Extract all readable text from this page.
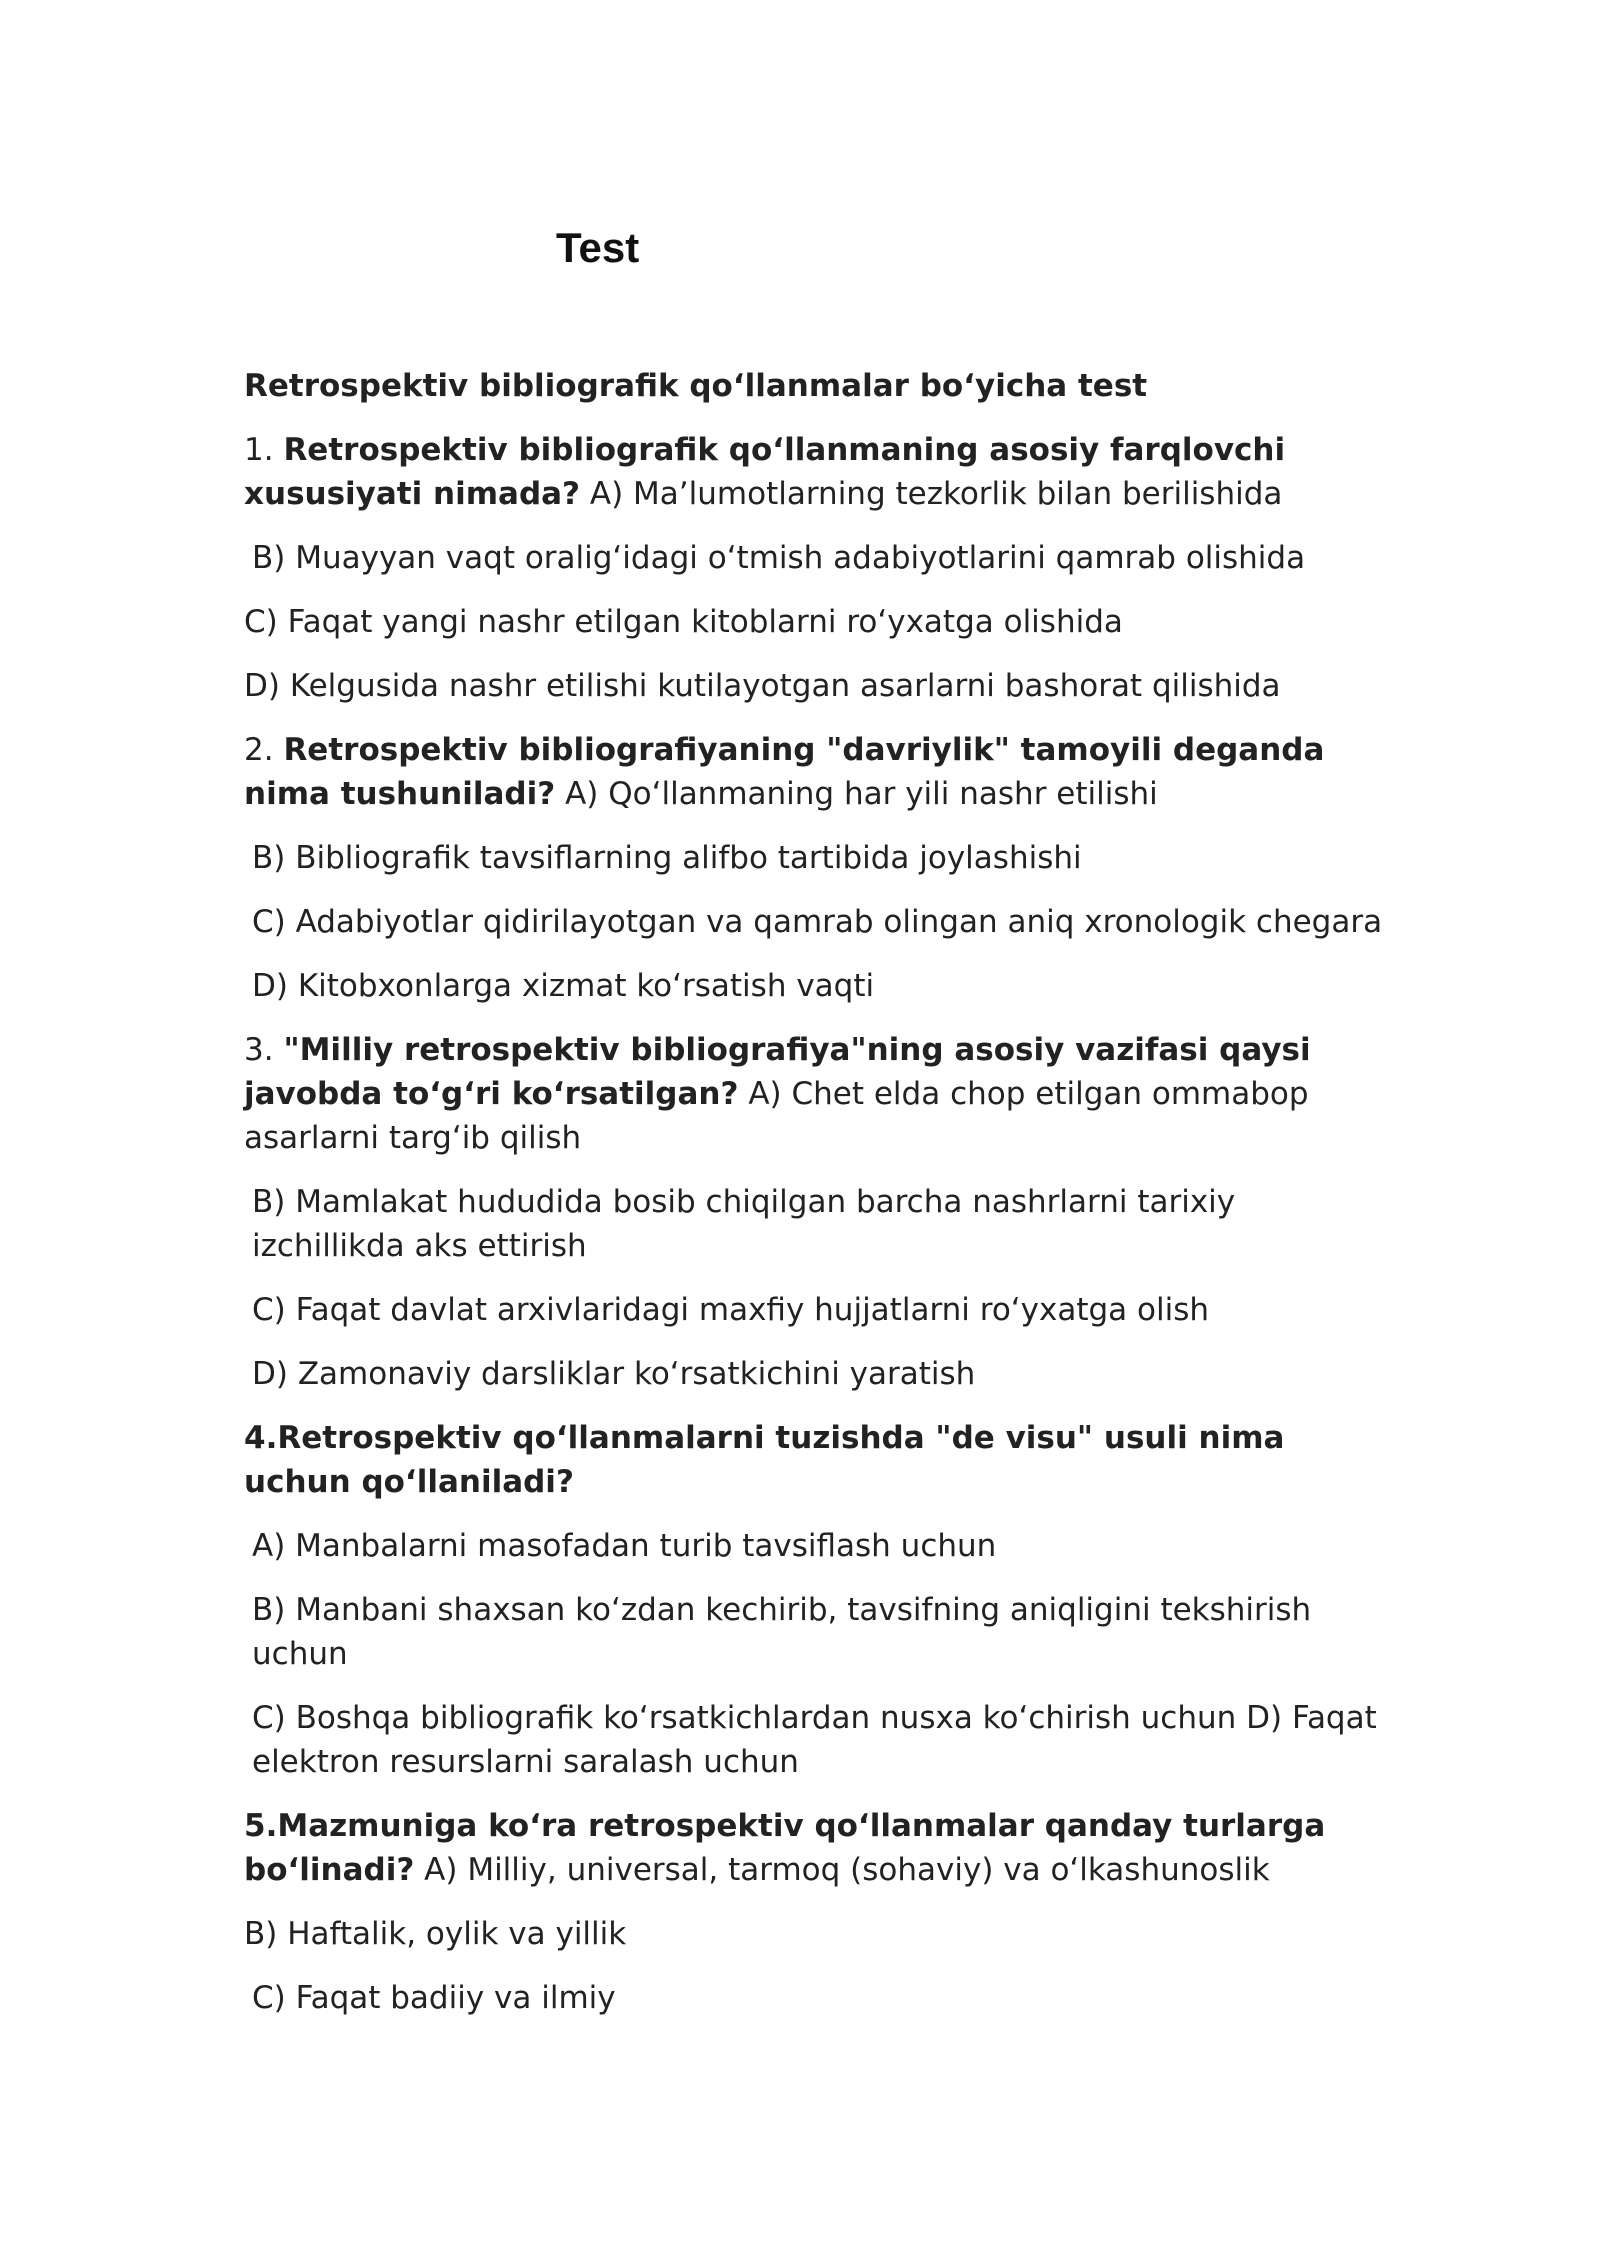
Test
Retrospektiv bibliografik qo‘llanmalar bo‘yicha test
1. Retrospektiv bibliografik qo‘llanmaning asosiy farqlovchi xususiyati nimada? A) Ma’lumotlarning tezkorlik bilan berilishida
B) Muayyan vaqt oralig‘idagi o‘tmish adabiyotlarini qamrab olishida
C) Faqat yangi nashr etilgan kitoblarni ro‘yxatga olishida
D) Kelgusida nashr etilishi kutilayotgan asarlarni bashorat qilishida
2. Retrospektiv bibliografiyaning "davriylik" tamoyili deganda nima tushuniladi? A) Qo‘llanmaning har yili nashr etilishi
B) Bibliografik tavsiflarning alifbo tartibida joylashishi
C) Adabiyotlar qidirilayotgan va qamrab olingan aniq xronologik chegara
D) Kitobxonlarga xizmat ko‘rsatish vaqti
3. "Milliy retrospektiv bibliografiya"ning asosiy vazifasi qaysi javobda to‘g‘ri ko‘rsatilgan? A) Chet elda chop etilgan ommabop asarlarni targ‘ib qilish
B) Mamlakat hududida bosib chiqilgan barcha nashrlarni tarixiy izchillikda aks ettirish
C) Faqat davlat arxivlaridagi maxfiy hujjatlarni ro‘yxatga olish
D) Zamonaviy darsliklar ko‘rsatkichini yaratish
4.Retrospektiv qo‘llanmalarni tuzishda "de visu" usuli nima uchun qo‘llaniladi?
A) Manbalarni masofadan turib tavsiflash uchun
B) Manbani shaxsan ko‘zdan kechirib, tavsifning aniqligini tekshirish uchun
C) Boshqa bibliografik ko‘rsatkichlardan nusxa ko‘chirish uchun D) Faqat elektron resurslarni saralash uchun
5.Mazmuniga ko‘ra retrospektiv qo‘llanmalar qanday turlarga bo‘linadi? A) Milliy, universal, tarmoq (sohaviy) va o‘lkashunoslik
B) Haftalik, oylik va yillik
C) Faqat badiiy va ilmiy
